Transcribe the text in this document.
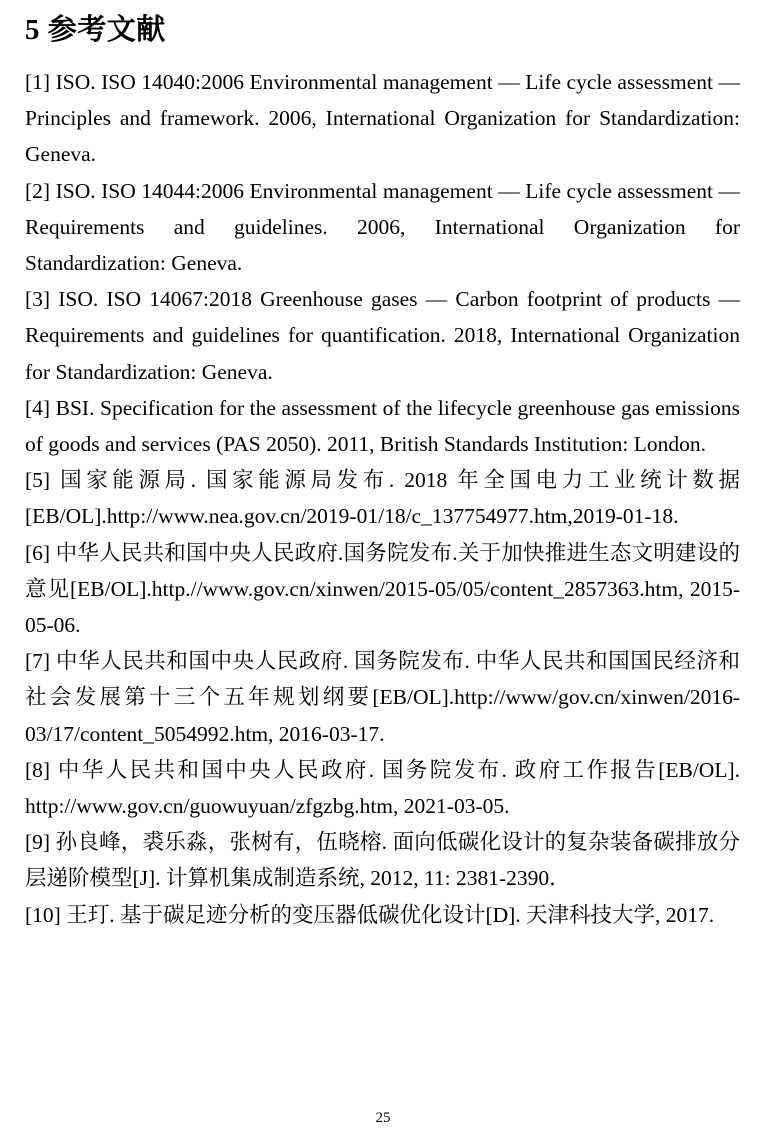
5 参考文献

[1] ISO. ISO 14040:2006 Environmental management — Life cycle assessment — Principles and framework. 2006, International Organization for Standardization: Geneva.

[2] ISO. ISO 14044:2006 Environmental management — Life cycle assessment — Requirements and guidelines. 2006, International Organization for Standardization: Geneva.

[3] ISO. ISO 14067:2018 Greenhouse gases — Carbon footprint of products — Requirements and guidelines for quantification. 2018, International Organization for Standardization: Geneva.

[4] BSI. Specification for the assessment of the lifecycle greenhouse gas emissions of goods and services (PAS 2050). 2011, British Standards Institution: London.

[5] 国家能源局. 国家能源局发布. 2018 年全国电力工业统计数据[EB/OL].http://www.nea.gov.cn/2019-01/18/c_137754977.htm,2019-01-18.

[6] 中华人民共和国中央人民政府.国务院发布.关于加快推进生态文明建设的意见[EB/OL].http.//www.gov.cn/xinwen/2015-05/05/content_2857363.htm, 2015-05-06.

[7] 中华人民共和国中央人民政府. 国务院发布. 中华人民共和国国民经济和社会发展第十三个五年规划纲要[EB/OL].http://www/gov.cn/xinwen/2016-03/17/content_5054992.htm, 2016-03-17.

[8] 中华人民共和国中央人民政府. 国务院发布. 政府工作报告[EB/OL]. http://www.gov.cn/guowuyuan/zfgzbg.htm, 2021-03-05.

[9] 孙良峰，裘乐淼，张树有，伍晓榕. 面向低碳化设计的复杂装备碳排放分层递阶模型[J]. 计算机集成制造系统, 2012, 11: 2381-2390．

[10] 王玎. 基于碳足迹分析的变压器低碳优化设计[D]. 天津科技大学, 2017.

25
